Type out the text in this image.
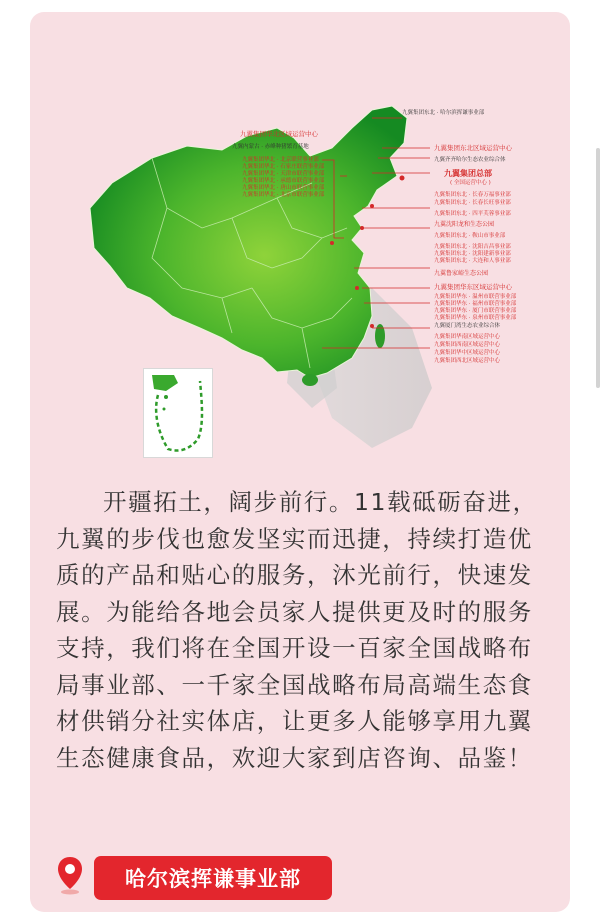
九翼集团华北区域运营中心
九翼内蒙古 · 赤峰种猪繁育基地
九翼集团华北 · 北京联营事业部
九翼集团华北 · 石家庄联营事业部
九翼集团华北 · 天津市联营事业部
九翼集团华北 · 承德市联营事业部
九翼集团华北 · 唐山市联营事业部
九翼集团华北 · 北京市联营事业部
九翼集团东北 · 哈尔滨挥谦事业部
九翼集团东北区域运营中心
九翼齐齐哈尔生态农业综合体
九翼集团总部
( 全国运营中心 )
九翼集团东北 · 长春万福事业部
九翼集团东北 · 长春长旺事业部
九翼集团东北 · 四平芙蓉事业部
九翼沈阳龙和生态公园
九翼集团东北 · 鞍山市事业部
九翼集团东北 · 沈阳吉昌事业部
九翼集团东北 · 沈阳建新事业部
九翼集团东北 · 大连和人事业部
九翼鲁家峪生态公园
九翼集团华东区域运营中心
九翼集团华东 · 温州市联营事业部
九翼集团华东 · 福州市联营事业部
九翼集团华东 · 厦门市联营事业部
九翼集团华东 · 泉州市联营事业部
九翼厦门湾生态农业综合体
九翼集团华南区域运营中心
九翼集团西南区域运营中心
九翼集团华中区域运营中心
九翼集团西北区域运营中心

开疆拓土，阔步前行。11载砥砺奋进，九翼的步伐也愈发坚实而迅捷，持续打造优质的产品和贴心的服务，沐光前行，快速发展。为能给各地会员家人提供更及时的服务支持，我们将在全国开设一百家全国战略布局事业部、一千家全国战略布局高端生态食材供销分社实体店，让更多人能够享用九翼生态健康食品，欢迎大家到店咨询、品鉴！

哈尔滨挥谦事业部
